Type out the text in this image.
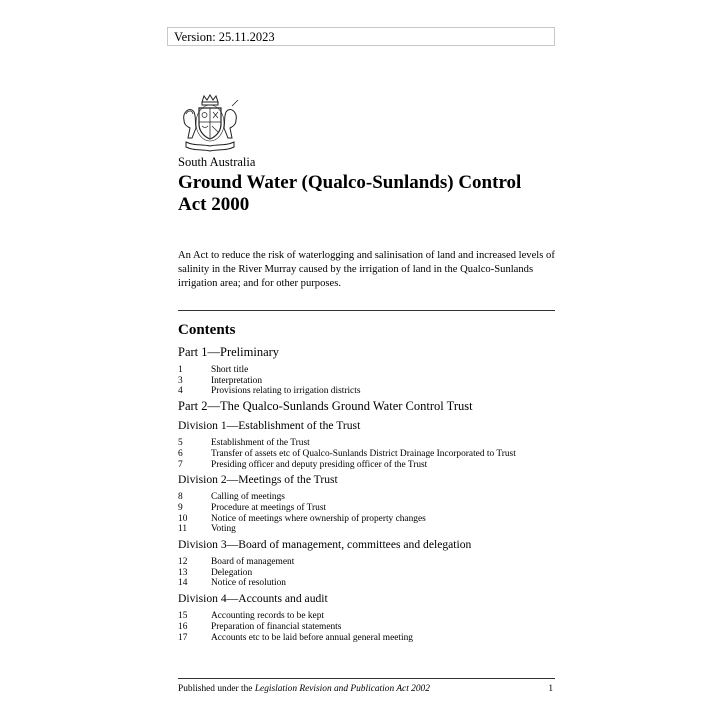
Version: 25.11.2023
South Australia
Ground Water (Qualco-Sunlands) Control
Act 2000
An Act to reduce the risk of waterlogging and salinisation of land and increased levels of salinity in the River Murray caused by the irrigation of land in the Qualco-Sunlands irrigation area; and for other purposes.
Contents
Part 1—Preliminary
1	Short title
3	Interpretation
4	Provisions relating to irrigation districts
Part 2—The Qualco-Sunlands Ground Water Control Trust
Division 1—Establishment of the Trust
5	Establishment of the Trust
6	Transfer of assets etc of Qualco-Sunlands District Drainage Incorporated to Trust
7	Presiding officer and deputy presiding officer of the Trust
Division 2—Meetings of the Trust
8	Calling of meetings
9	Procedure at meetings of Trust
10	Notice of meetings where ownership of property changes
11	Voting
Division 3—Board of management, committees and delegation
12	Board of management
13	Delegation
14	Notice of resolution
Division 4—Accounts and audit
15	Accounting records to be kept
16	Preparation of financial statements
17	Accounts etc to be laid before annual general meeting
Published under the Legislation Revision and Publication Act 2002	1
